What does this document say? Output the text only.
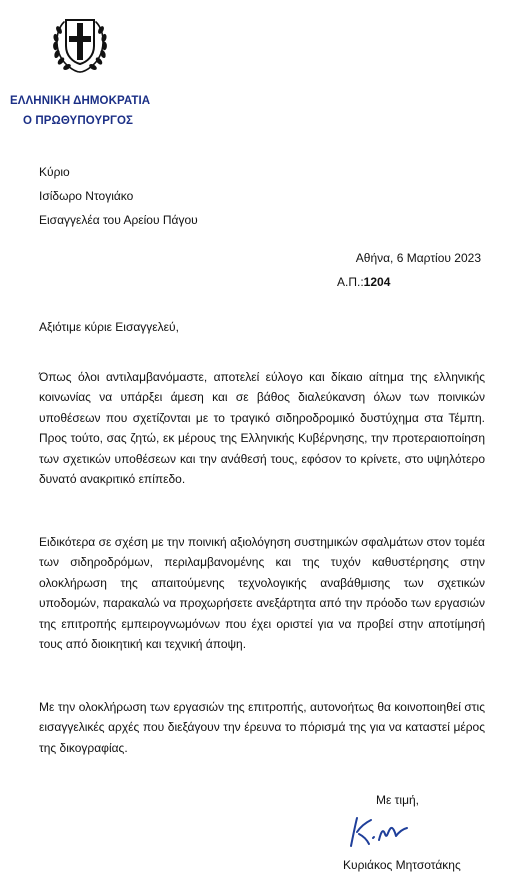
ΕΛΛΗΝΙΚΗ ΔΗΜΟΚΡΑΤΙΑ
Ο ΠΡΩΘΥΠΟΥΡΓΟΣ
Κύριο
Ισίδωρο Ντογιάκο
Εισαγγελέα του Αρείου Πάγου
Αθήνα, 6 Μαρτίου 2023
Α.Π.:1204
Αξιότιμε κύριε Εισαγγελεύ,
Όπως όλοι αντιλαμβανόμαστε, αποτελεί εύλογο και δίκαιο αίτημα της ελληνικής κοινωνίας να υπάρξει άμεση και σε βάθος διαλεύκανση όλων των ποινικών υποθέσεων που σχετίζονται με το τραγικό σιδηροδρομικό δυστύχημα στα Τέμπη. Προς τούτο, σας ζητώ, εκ μέρους της Ελληνικής Κυβέρνησης, την προτεραιοποίηση των σχετικών υποθέσεων και την ανάθεσή τους, εφόσον το κρίνετε, στο υψηλότερο δυνατό ανακριτικό επίπεδο.
Ειδικότερα σε σχέση με την ποινική αξιολόγηση συστημικών σφαλμάτων στον τομέα των σιδηροδρόμων, περιλαμβανομένης και της τυχόν καθυστέρησης στην ολοκλήρωση της απαιτούμενης τεχνολογικής αναβάθμισης των σχετικών υποδομών, παρακαλώ να προχωρήσετε ανεξάρτητα από την πρόοδο των εργασιών της επιτροπής εμπειρογνωμόνων που έχει οριστεί για να προβεί στην αποτίμησή τους από διοικητική και τεχνική άποψη.
Με την ολοκλήρωση των εργασιών της επιτροπής, αυτονοήτως θα κοινοποιηθεί στις εισαγγελικές αρχές που διεξάγουν την έρευνα το πόρισμά της για να καταστεί μέρος της δικογραφίας.
Με τιμή,
Κυριάκος Μητσοτάκης
